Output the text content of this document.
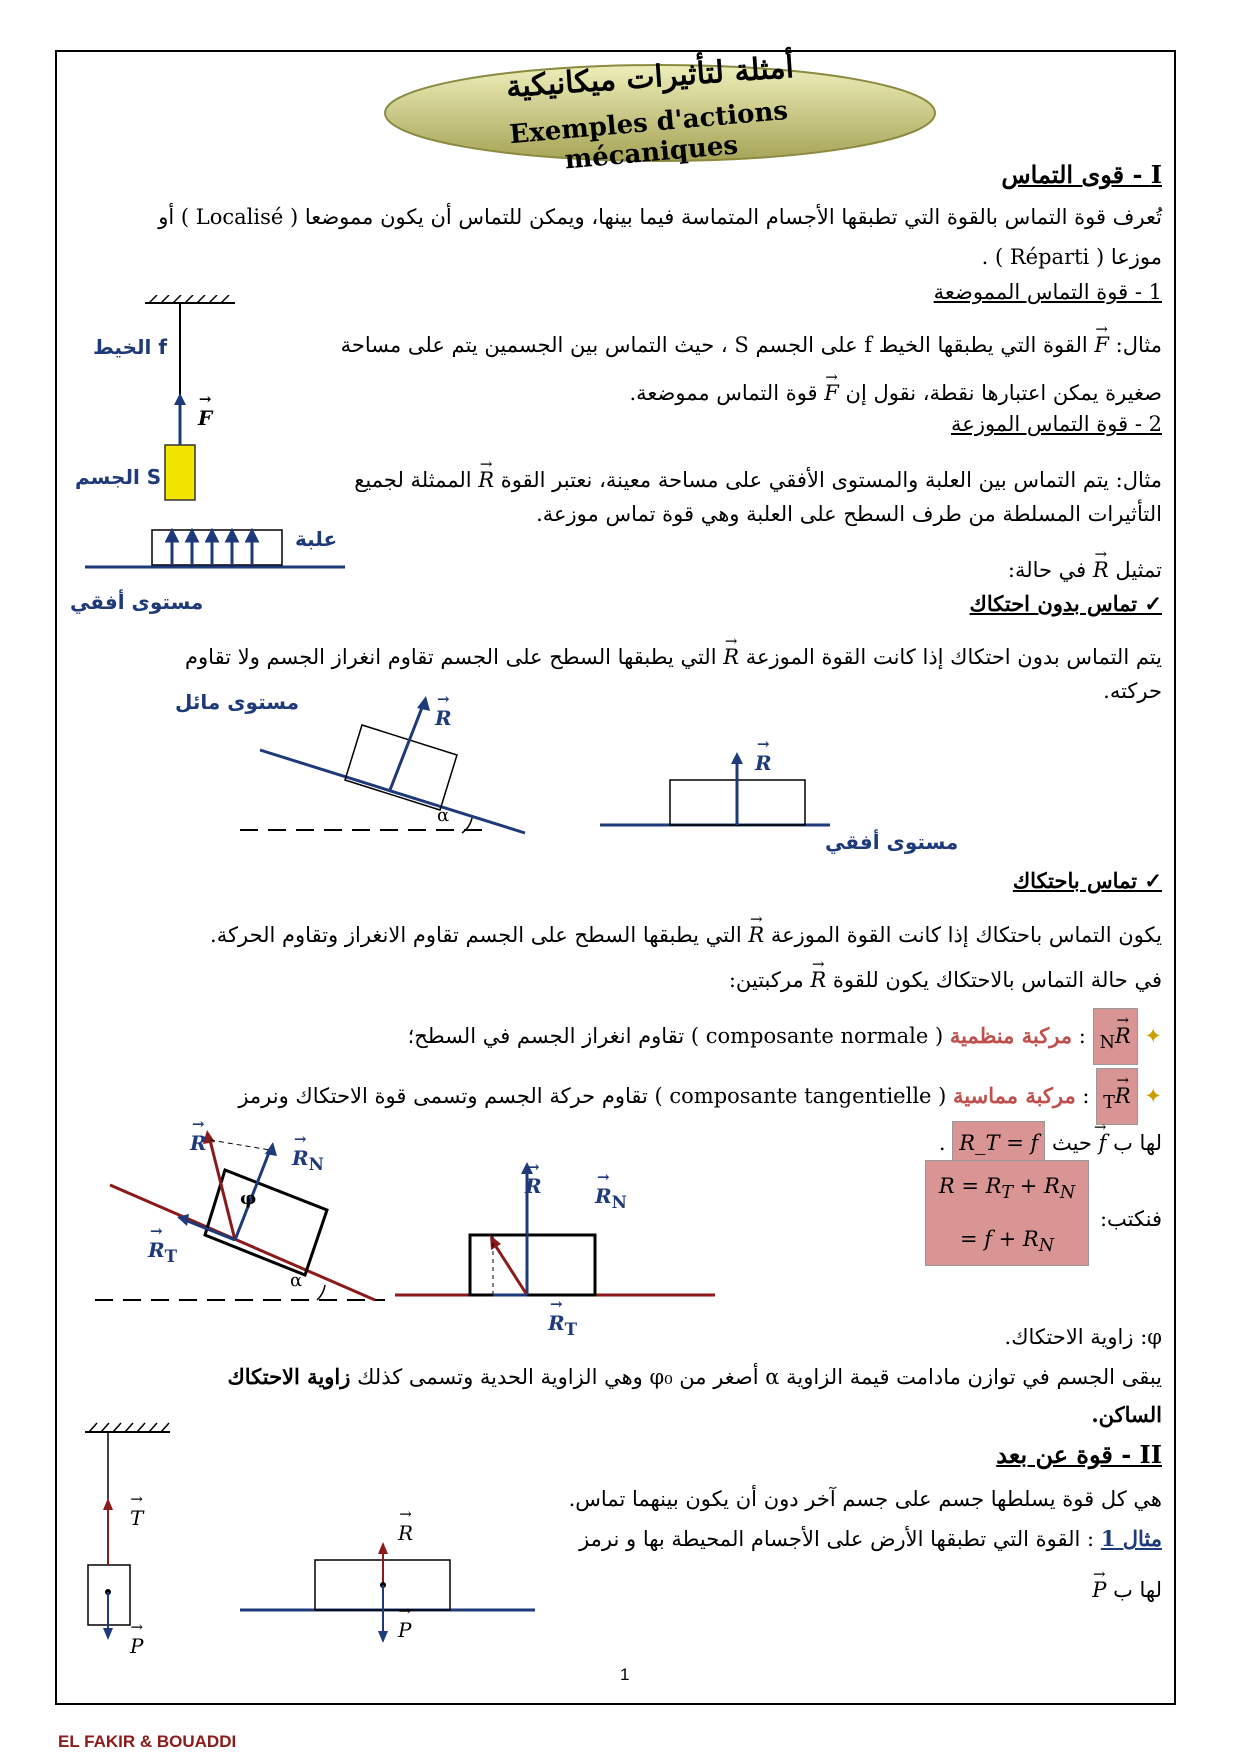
أمثلة لتأثيرات ميكانيكية
Exemples d'actions mécaniques	I - قوى التماس
تُعرف قوة التماس بالقوة التي تطبقها الأجسام المتماسة فيما بينها، ويمكن للتماس أن يكون مموضعا ( Localisé ) أو
موزعا ( Réparti ) .
1 - قوة التماس المموضعة
مثال: → F القوة التي يطبقها الخيط f على الجسم S ، حيث التماس بين الجسمين يتم على مساحة
صغيرة يمكن اعتبارها نقطة، نقول إن → F قوة التماس مموضعة.
2 - قوة التماس الموزعة
مثال: يتم التماس بين العلبة والمستوى الأفقي على مساحة معينة، نعتبر القوة → R الممثلة لجميع
التأثيرات المسلطة من طرف السطح على العلبة وهي قوة تماس موزعة.
تمثيل → R في حالة:
✓ تماس بدون احتكاك
يتم التماس بدون احتكاك إذا كانت القوة الموزعة → R التي يطبقها السطح على الجسم تقاوم انغراز الجسم ولا تقاوم
حركته.
الخيط f
→ F
الجسم S
علبة
مستوى أفقي
مستوى مائل
→ R
α
→ R
مستوى أفقي
✓ تماس باحتكاك
يكون التماس باحتكاك إذا كانت القوة الموزعة → R التي يطبقها السطح على الجسم تقاوم الانغراز وتقاوم الحركة.
في حالة التماس بالاحتكاك يكون للقوة → R مركبتين:
✦ → $R_N$ : مركبة منظمية ( composante normale ) تقاوم انغراز الجسم في السطح؛
✦ → $R_T$ : مركبة مماسية ( composante tangentielle ) تقاوم حركة الجسم وتسمى قوة الاحتكاك ونرمز
لها ب → f حيث R_T = f .
فنكتب:
$R = R_T + R_N$
= $f + R_N$
→ R
→ $R_N$
φ
→ $R_T$
α
→ R
→	$R_N$
→ $R_T$	φ: زاوية الاحتكاك.
يبقى الجسم في توازن مادامت قيمة الزاوية α أصغر من φ₀ وهي الزاوية الحدية وتسمى كذلك زاوية الاحتكاك
الساكن.
II - قوة عن بعد
هي كل قوة يسلطها جسم على جسم آخر دون أن يكون بينهما تماس.
مثال 1 : القوة التي تطبقها الأرض على الأجسام المحيطة بها و نرمز
لها ب → P
→ T
→ P
→ R
→ P
1
EL FAKIR & BOUADDI
